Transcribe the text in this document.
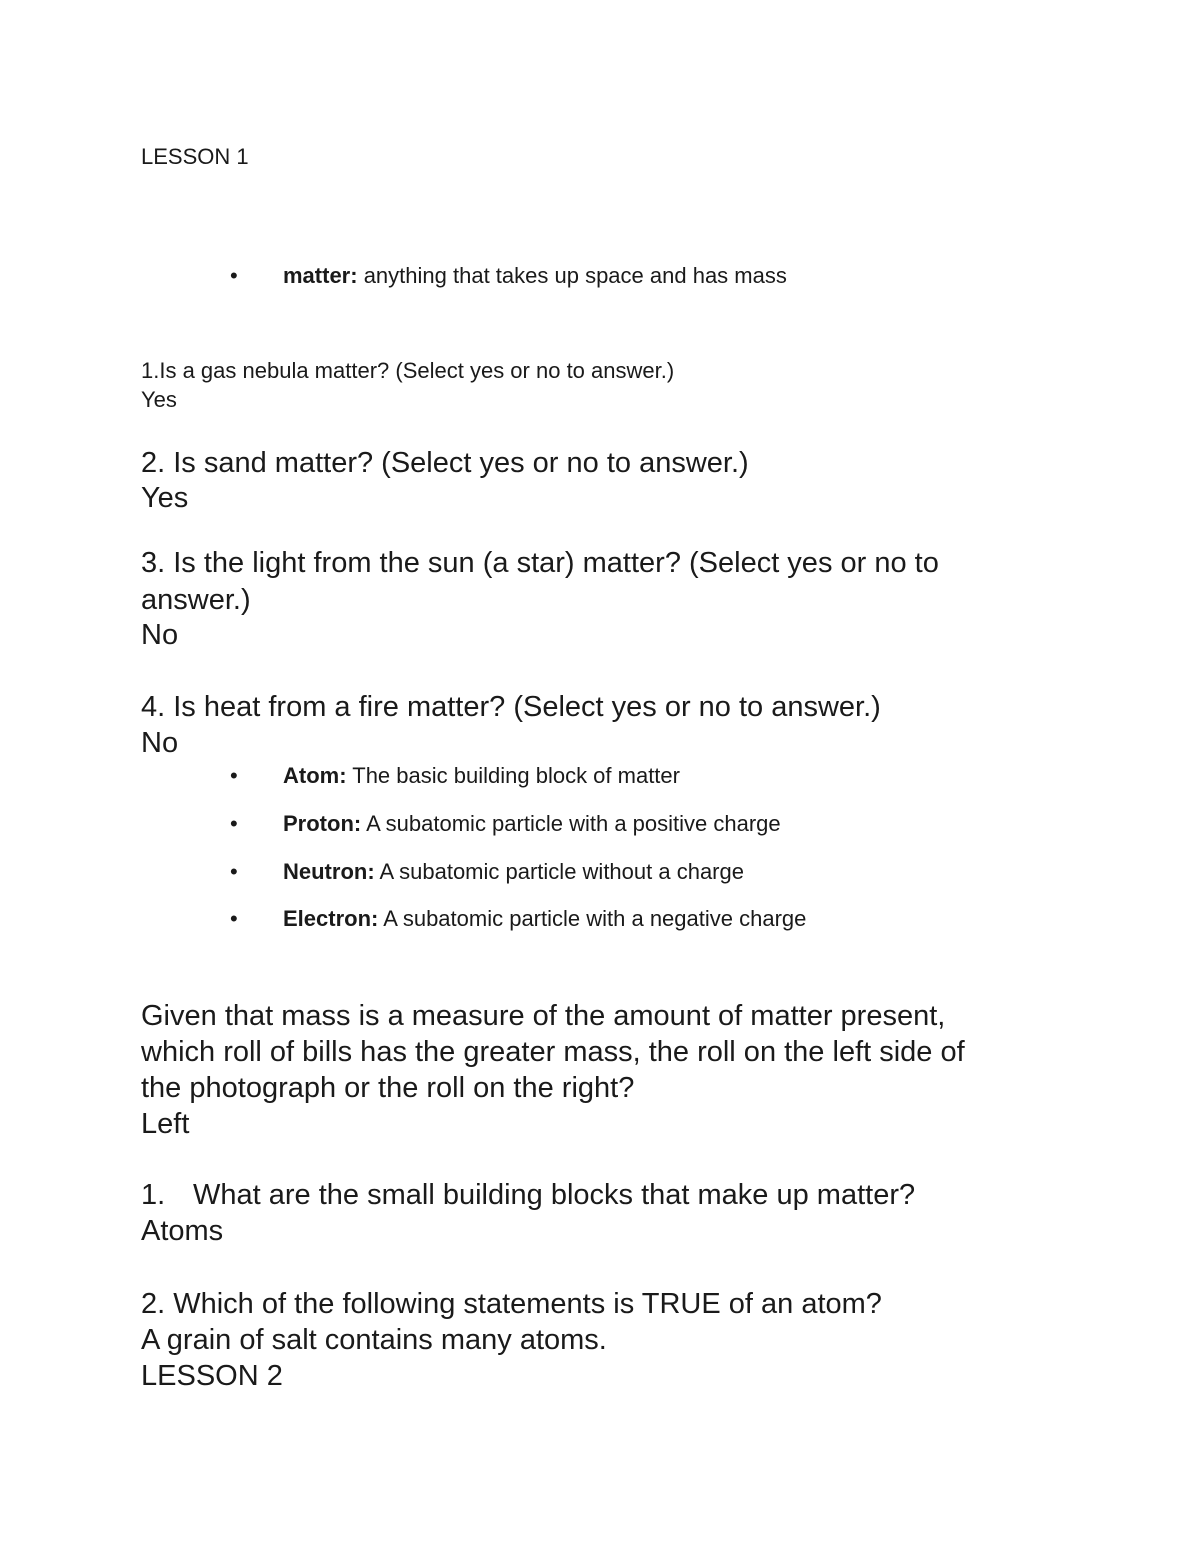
LESSON 1
• matter: anything that takes up space and has mass
1.Is a gas nebula matter? (Select yes or no to answer.)
Yes
2. Is sand matter? (Select yes or no to answer.)
Yes
3. Is the light from the sun (a star) matter? (Select yes or no to
answer.)
No
4. Is heat from a fire matter? (Select yes or no to answer.)
No
• Atom: The basic building block of matter
• Proton: A subatomic particle with a positive charge
• Neutron: A subatomic particle without a charge
• Electron: A subatomic particle with a negative charge
Given that mass is a measure of the amount of matter present,
which roll of bills has the greater mass, the roll on the left side of
the photograph or the roll on the right?
Left
1. What are the small building blocks that make up matter?
Atoms
2. Which of the following statements is TRUE of an atom?
A grain of salt contains many atoms.
LESSON 2
